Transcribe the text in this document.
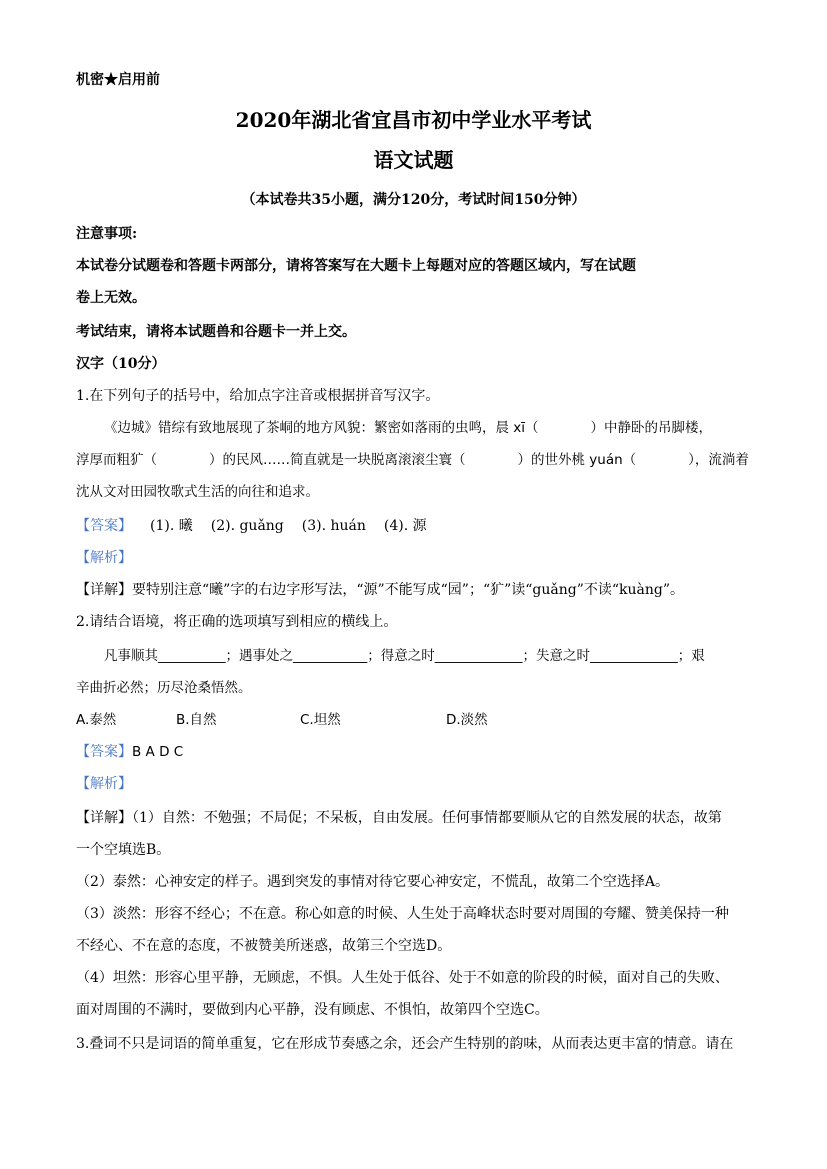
机密★启用前
2020年湖北省宜昌市初中学业水平考试
语文试题
（本试卷共35小题，满分120分，考试时间150分钟）
注意事项:
本试卷分试题卷和答题卡两部分，请将答案写在大题卡上每题对应的答题区域内，写在试题
卷上无效。
考试结束，请将本试题兽和谷题卡一并上交。
汉字（10分）
1.在下列句子的括号中，给加点字注音或根据拼音写汉字。
《边城》错综有致地展现了茶峒的地方风貌：繁密如落雨的虫鸣，晨 xī（	）中静卧的吊脚楼，
淳厚而粗犷（	）的民风……简直就是一块脱离滚滚尘寰（	）的世外桃 yuán（	），流淌着
沈从文对田园牧歌式生活的向往和追求。
【答案】 (1). 曦 (2). guǎng (3). huán (4). 源
【解析】
【详解】要特别注意“曦”字的右边字形写法，“源”不能写成“园”；“犷”读“guǎng”不读“kuàng”。
2.请结合语境，将正确的选项填写到相应的横线上。
凡事顺其__________；遇事处之___________；得意之时_____________；失意之时_____________；艰
辛曲折必然；历尽沧桑悟然。
A.泰然	B.自然	C.坦然	D.淡然
【答案】B A D C
【解析】
【详解】（1）自然：不勉强；不局促；不呆板，自由发展。任何事情都要顺从它的自然发展的状态，故第
一个空填选B。
（2）泰然：心神安定的样子。遇到突发的事情对待它要心神安定，不慌乱，故第二个空选择A。
（3）淡然：形容不经心；不在意。称心如意的时候、人生处于高峰状态时要对周围的夸耀、赞美保持一种
不经心、不在意的态度，不被赞美所迷惑，故第三个空选D。
（4）坦然：形容心里平静，无顾虑，不惧。人生处于低谷、处于不如意的阶段的时候，面对自己的失败、
面对周围的不满时，要做到内心平静，没有顾虑、不惧怕，故第四个空选C。
3.叠词不只是词语的简单重复，它在形成节奏感之余，还会产生特别的韵味，从而表达更丰富的情意。请在
